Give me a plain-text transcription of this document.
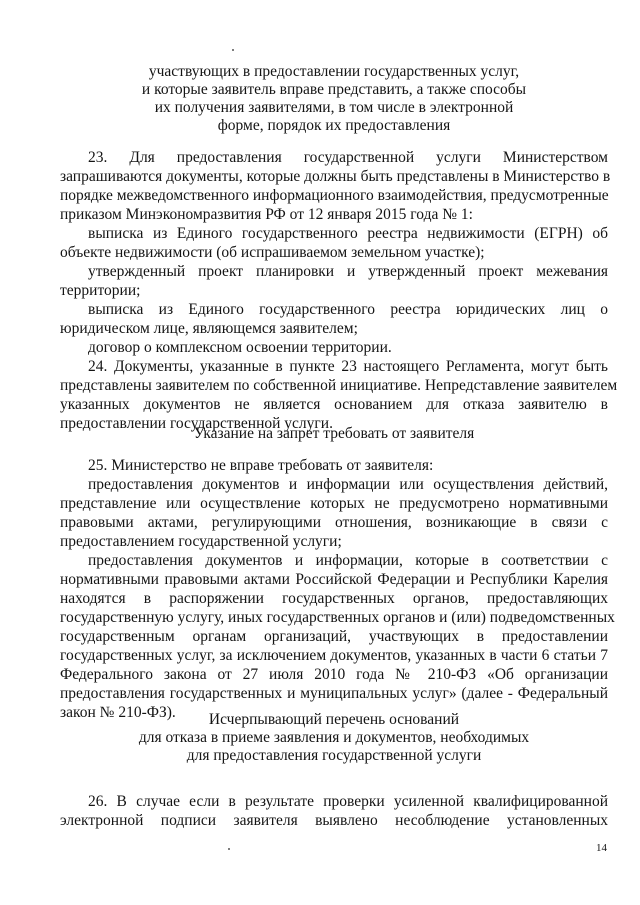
участвующих в предоставлении государственных услуг,
и которые заявитель вправе представить, а также способы
их получения заявителями, в том числе в электронной
форме, порядок их предоставления
23. Для предоставления государственной услуги Министерством
запрашиваются документы, которые должны быть представлены в Министерство в
порядке межведомственного информационного взаимодействия, предусмотренные
приказом Минэкономразвития РФ от 12 января 2015 года № 1:
выписка из Единого государственного реестра недвижимости (ЕГРН) об
объекте недвижимости (об испрашиваемом земельном участке);
утвержденный проект планировки и утвержденный проект межевания
территории;
выписка из Единого государственного реестра юридических лиц о
юридическом лице, являющемся заявителем;
договор о комплексном освоении территории.
24. Документы, указанные в пункте 23 настоящего Регламента, могут быть
представлены заявителем по собственной инициативе. Непредставление заявителем
указанных документов не является основанием для отказа заявителю в
предоставлении государственной услуги.
Указание на запрет требовать от заявителя
25. Министерство не вправе требовать от заявителя:
предоставления документов и информации или осуществления действий,
представление или осуществление которых не предусмотрено нормативными
правовыми актами, регулирующими отношения, возникающие в связи с
предоставлением государственной услуги;
предоставления документов и информации, которые в соответствии с
нормативными правовыми актами Российской Федерации и Республики Карелия
находятся в распоряжении государственных органов, предоставляющих
государственную услугу, иных государственных органов и (или) подведомственных
государственным органам организаций, участвующих в предоставлении
государственных услуг, за исключением документов, указанных в части 6 статьи 7
Федерального закона от 27 июля 2010 года № 210-ФЗ «Об организации
предоставления государственных и муниципальных услуг» (далее - Федеральный
закон № 210-ФЗ).	Исчерпывающий перечень оснований
для отказа в приеме заявления и документов, необходимых
для предоставления государственной услуги
26. В случае если в результате проверки усиленной квалифицированной
электронной подписи заявителя выявлено несоблюдение установленных
14
